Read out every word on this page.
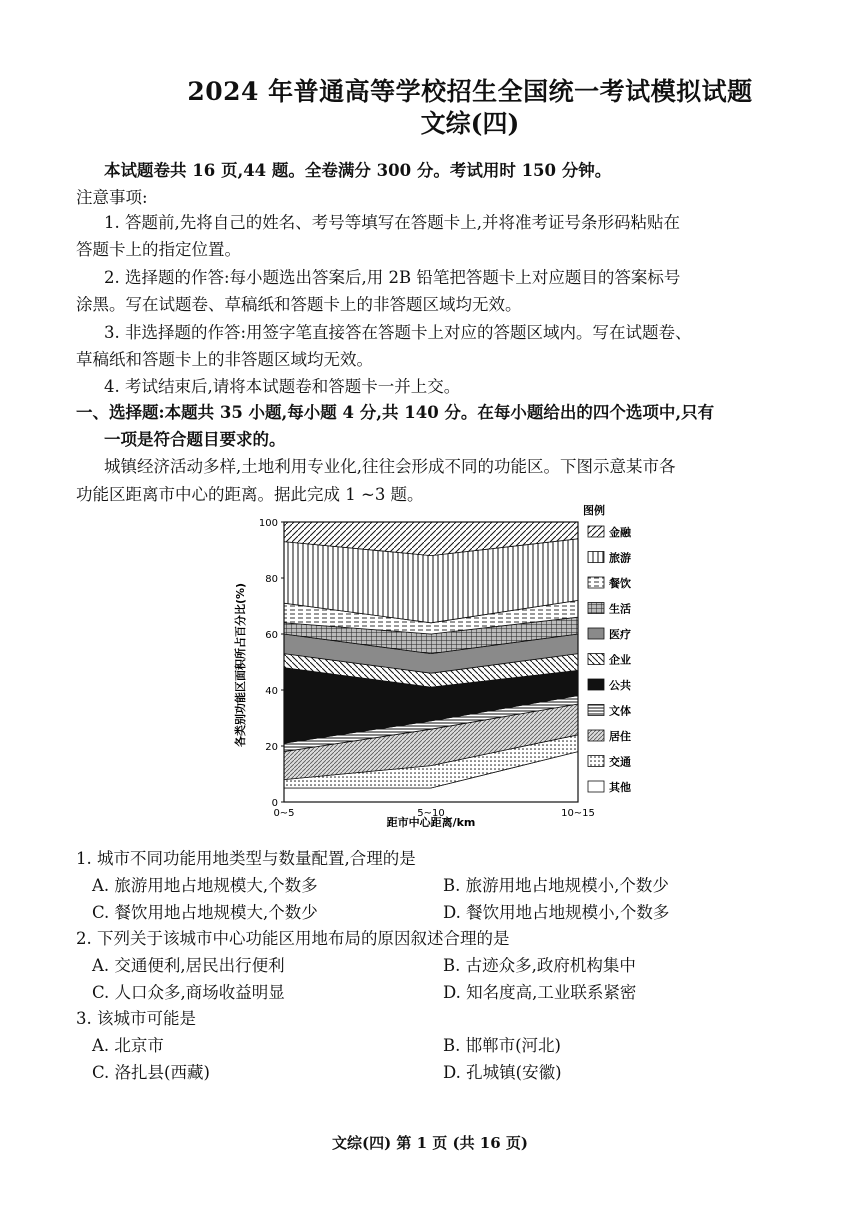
2024 年普通高等学校招生全国统一考试模拟试题
文综(四)
本试题卷共 16 页,44 题。全卷满分 300 分。考试用时 150 分钟。
注意事项:
1. 答题前,先将自己的姓名、考号等填写在答题卡上,并将准考证号条形码粘贴在
答题卡上的指定位置。
2. 选择题的作答:每小题选出答案后,用 2B 铅笔把答题卡上对应题目的答案标号
涂黑。写在试题卷、草稿纸和答题卡上的非答题区域均无效。
3. 非选择题的作答:用签字笔直接答在答题卡上对应的答题区域内。写在试题卷、
草稿纸和答题卡上的非答题区域均无效。
4. 考试结束后,请将本试题卷和答题卡一并上交。
一、选择题:本题共 35 小题,每小题 4 分,共 140 分。在每小题给出的四个选项中,只有
一项是符合题目要求的。
城镇经济活动多样,土地利用专业化,往往会形成不同的功能区。下图示意某市各
功能区距离市中心的距离。据此完成 1 ~3 题。
0
20
40
60
80
100
0~5	5~10	10~15
金融
旅游
餐饮
生活
医疗
企业
公共
文体
居住
交通
其他
各类别功能区面积所占百分比(%)
距市中心距离/km
图例
1. 城市不同功能用地类型与数量配置,合理的是
A. 旅游用地占地规模大,个数多	B. 旅游用地占地规模小,个数少
C. 餐饮用地占地规模大,个数少	D. 餐饮用地占地规模小,个数多
2. 下列关于该城市中心功能区用地布局的原因叙述合理的是
A. 交通便利,居民出行便利	B. 古迹众多,政府机构集中
C. 人口众多,商场收益明显	D. 知名度高,工业联系紧密
3. 该城市可能是
A. 北京市	B. 邯郸市(河北)
C. 洛扎县(西藏)	D. 孔城镇(安徽)
文综(四) 第 1 页 (共 16 页)
